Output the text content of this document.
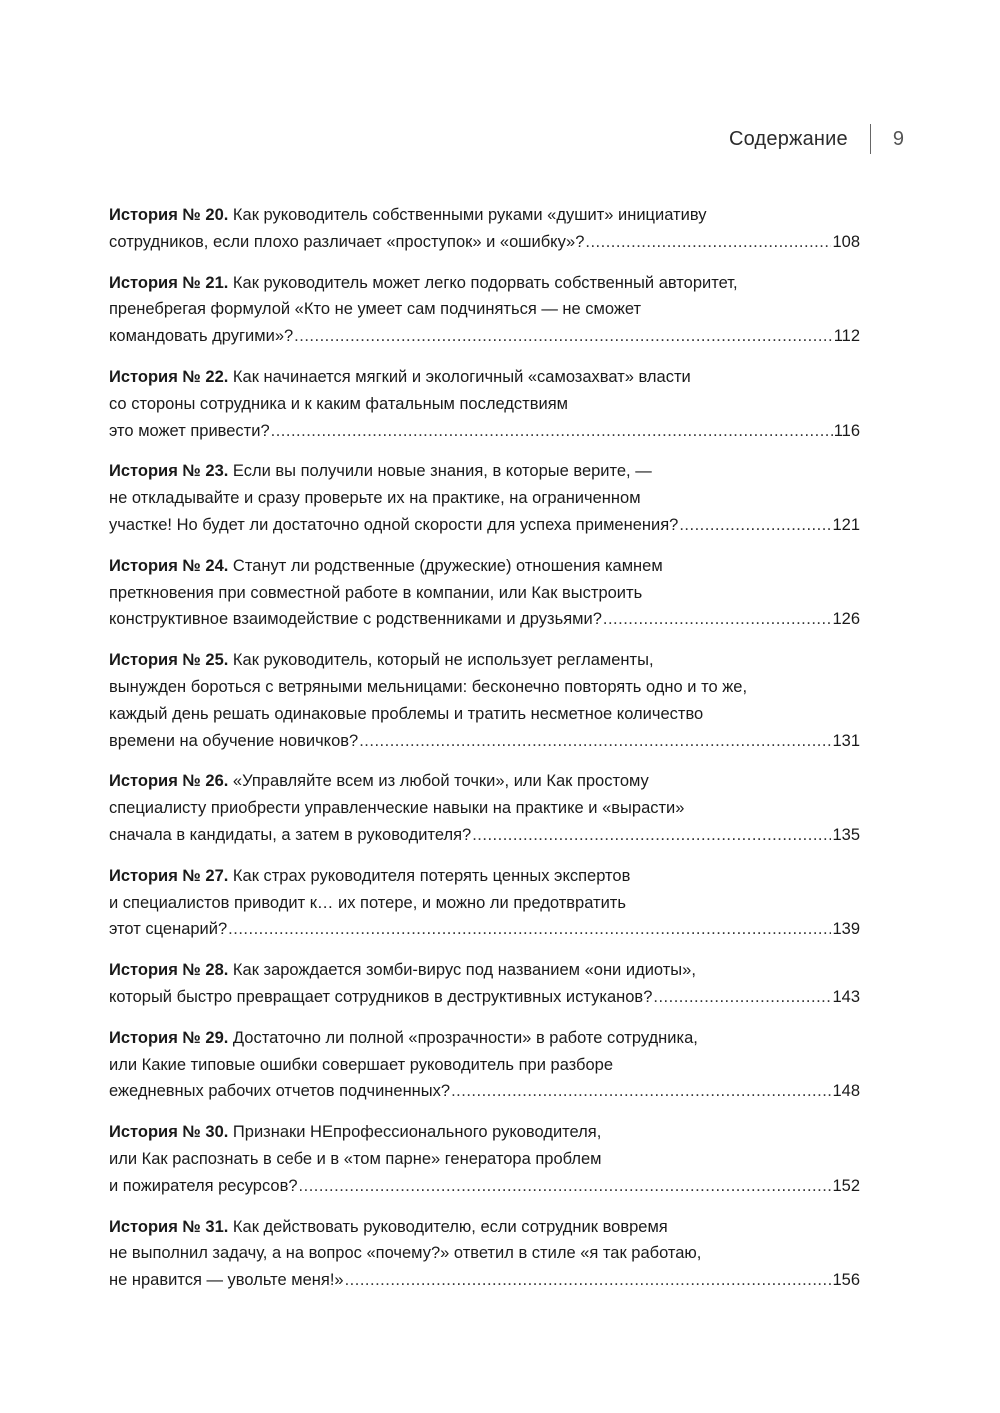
Содержание 9
История № 20. Как руководитель собственными руками «душит» инициативу
сотрудников, если плохо различает «проступок» и «ошибку»? .....	108
История № 21. Как руководитель может легко подорвать собственный авторитет,
пренебрегая формулой «Кто не умеет сам подчиняться — не сможет
командовать другими»? .....	112
История № 22. Как начинается мягкий и экологичный «самозахват» власти
со стороны сотрудника и к каким фатальным последствиям
это может привести? .....	116
История № 23. Если вы получили новые знания, в которые верите, —
не откладывайте и сразу проверьте их на практике, на ограниченном
участке! Но будет ли достаточно одной скорости для успеха применения? .....	121
История № 24. Станут ли родственные (дружеские) отношения камнем
преткновения при совместной работе в компании, или Как выстроить
конструктивное взаимодействие с родственниками и друзьями? .....	126
История № 25. Как руководитель, который не использует регламенты,
вынужден бороться с ветряными мельницами: бесконечно повторять одно и то же,
каждый день решать одинаковые проблемы и тратить несметное количество
времени на обучение новичков? .....	131
История № 26. «Управляйте всем из любой точки», или Как простому
специалисту приобрести управленческие навыки на практике и «вырасти»
сначала в кандидаты, а затем в руководителя? .....	135
История № 27. Как страх руководителя потерять ценных экспертов
и специалистов приводит к… их потере, и можно ли предотвратить
этот сценарий? .....	139
История № 28. Как зарождается зомби-вирус под названием «они идиоты»,
который быстро превращает сотрудников в деструктивных истуканов? .....	143
История № 29. Достаточно ли полной «прозрачности» в работе сотрудника,
или Какие типовые ошибки совершает руководитель при разборе
ежедневных рабочих отчетов подчиненных? .....	148
История № 30. Признаки НЕпрофессионального руководителя,
или Как распознать в себе и в «том парне» генератора проблем
и пожирателя ресурсов? .....	152
История № 31. Как действовать руководителю, если сотрудник вовремя
не выполнил задачу, а на вопрос «почему?» ответил в стиле «я так работаю,
не нравится — увольте меня!» .....	156
